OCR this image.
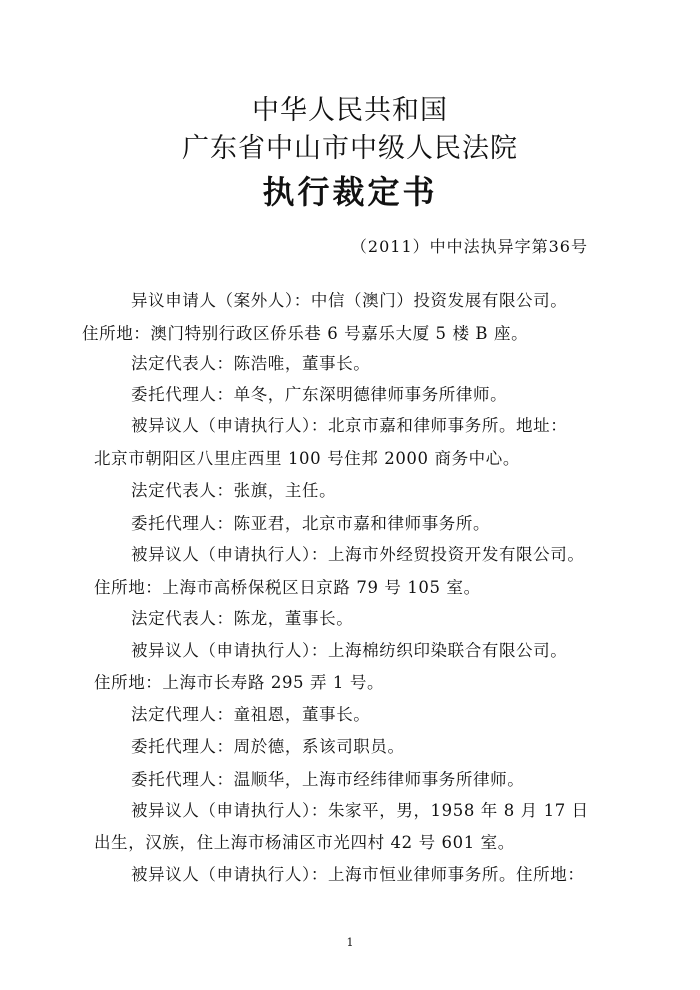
中华人民共和国
广东省中山市中级人民法院
执行裁定书
（2011）中中法执异字第36号
异议申请人（案外人）：中信（澳门）投资发展有限公司。
住所地：澳门特别行政区侨乐巷 6 号嘉乐大厦 5 楼 B 座。
法定代表人：陈浩唯，董事长。
委托代理人：单冬，广东深明德律师事务所律师。
被异议人（申请执行人）：北京市嘉和律师事务所。地址：
北京市朝阳区八里庄西里 100 号住邦 2000 商务中心。
法定代表人：张旗，主任。
委托代理人：陈亚君，北京市嘉和律师事务所。
被异议人（申请执行人）：上海市外经贸投资开发有限公司。
住所地：上海市高桥保税区日京路 79 号 105 室。
法定代表人：陈龙，董事长。
被异议人（申请执行人）：上海棉纺织印染联合有限公司。
住所地：上海市长寿路 295 弄 1 号。
法定代理人：童祖恩，董事长。
委托代理人：周於德，系该司职员。
委托代理人：温顺华，上海市经纬律师事务所律师。
被异议人（申请执行人）：朱家平，男，1958 年 8 月 17 日
出生，汉族，住上海市杨浦区市光四村 42 号 601 室。
被异议人（申请执行人）：上海市恒业律师事务所。住所地：
1
